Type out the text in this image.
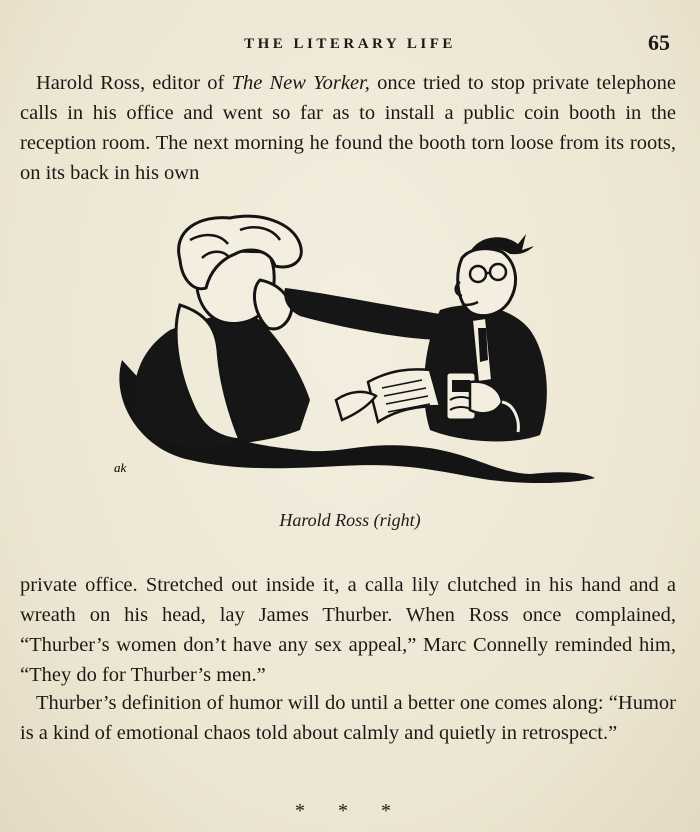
THE LITERARY LIFE	65

Harold Ross, editor of The New Yorker, once tried to stop private telephone calls in his office and went so far as to install a public coin booth in the reception room. The next morning he found the booth torn loose from its roots, on its back in his own

ak
Harold Ross (right)

private office. Stretched out inside it, a calla lily clutched in his hand and a wreath on his head, lay James Thurber. When Ross once complained, “Thurber’s women don’t have any sex appeal,” Marc Connelly reminded him, “They do for Thurber’s men.”

Thurber’s definition of humor will do until a better one comes along: “Humor is a kind of emotional chaos told about calmly and quietly in retrospect.”

* * *
